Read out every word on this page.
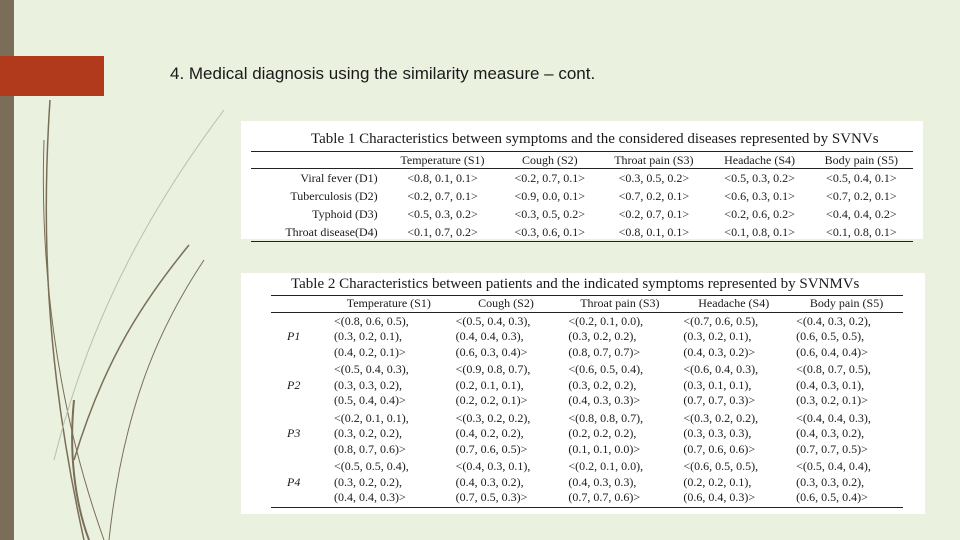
4. Medical diagnosis using the similarity measure – cont.
Table 1 Characteristics between symptoms and the considered diseases represented by SVNVs
	Temperature (S1)	Cough (S2)	Throat pain (S3)	Headache (S4)	Body pain (S5)
Viral fever (D1)	<0.8, 0.1, 0.1>	<0.2, 0.7, 0.1>	<0.3, 0.5, 0.2>	<0.5, 0.3, 0.2>	<0.5, 0.4, 0.1>
Tuberculosis (D2)	<0.2, 0.7, 0.1>	<0.9, 0.0, 0.1>	<0.7, 0.2, 0.1>	<0.6, 0.3, 0.1>	<0.7, 0.2, 0.1>
Typhoid (D3)	<0.5, 0.3, 0.2>	<0.3, 0.5, 0.2>	<0.2, 0.7, 0.1>	<0.2, 0.6, 0.2>	<0.4, 0.4, 0.2>
Throat disease(D4)	<0.1, 0.7, 0.2>	<0.3, 0.6, 0.1>	<0.8, 0.1, 0.1>	<0.1, 0.8, 0.1>	<0.1, 0.8, 0.1>
Table 2 Characteristics between patients and the indicated symptoms represented by SVNMVs
	Temperature (S1)	Cough (S2)	Throat pain (S3)	Headache (S4)	Body pain (S5)
P1	<(0.8, 0.6, 0.5),
(0.3, 0.2, 0.1),
(0.4, 0.2, 0.1)>	<(0.5, 0.4, 0.3),
(0.4, 0.4, 0.3),
(0.6, 0.3, 0.4)>	<(0.2, 0.1, 0.0),
(0.3, 0.2, 0.2),
(0.8, 0.7, 0.7)>	<(0.7, 0.6, 0.5),
(0.3, 0.2, 0.1),
(0.4, 0.3, 0.2)>	<(0.4, 0.3, 0.2),
(0.6, 0.5, 0.5),
(0.6, 0.4, 0.4)>

P2	<(0.5, 0.4, 0.3),
(0.3, 0.3, 0.2),
(0.5, 0.4, 0.4)>	<(0.9, 0.8, 0.7),
(0.2, 0.1, 0.1),
(0.2, 0.2, 0.1)>	<(0.6, 0.5, 0.4),
(0.3, 0.2, 0.2),
(0.4, 0.3, 0.3)>	<(0.6, 0.4, 0.3),
(0.3, 0.1, 0.1),
(0.7, 0.7, 0.3)>	<(0.8, 0.7, 0.5),
(0.4, 0.3, 0.1),
(0.3, 0.2, 0.1)>

P3	<(0.2, 0.1, 0.1),
(0.3, 0.2, 0.2),
(0.8, 0.7, 0.6)>	<(0.3, 0.2, 0.2),
(0.4, 0.2, 0.2),
(0.7, 0.6, 0.5)>	<(0.8, 0.8, 0.7),
(0.2, 0.2, 0.2),
(0.1, 0.1, 0.0)>	<(0.3, 0.2, 0.2),
(0.3, 0.3, 0.3),
(0.7, 0.6, 0.6)>	<(0.4, 0.4, 0.3),
(0.4, 0.3, 0.2),
(0.7, 0.7, 0.5)>

P4	<(0.5, 0.5, 0.4),
(0.3, 0.2, 0.2),
(0.4, 0.4, 0.3)>	<(0.4, 0.3, 0.1),
(0.4, 0.3, 0.2),
(0.7, 0.5, 0.3)>	<(0.2, 0.1, 0.0),
(0.4, 0.3, 0.3),
(0.7, 0.7, 0.6)>	<(0.6, 0.5, 0.5),
(0.2, 0.2, 0.1),
(0.6, 0.4, 0.3)>	<(0.5, 0.4, 0.4),
(0.3, 0.3, 0.2),
(0.6, 0.5, 0.4)>
